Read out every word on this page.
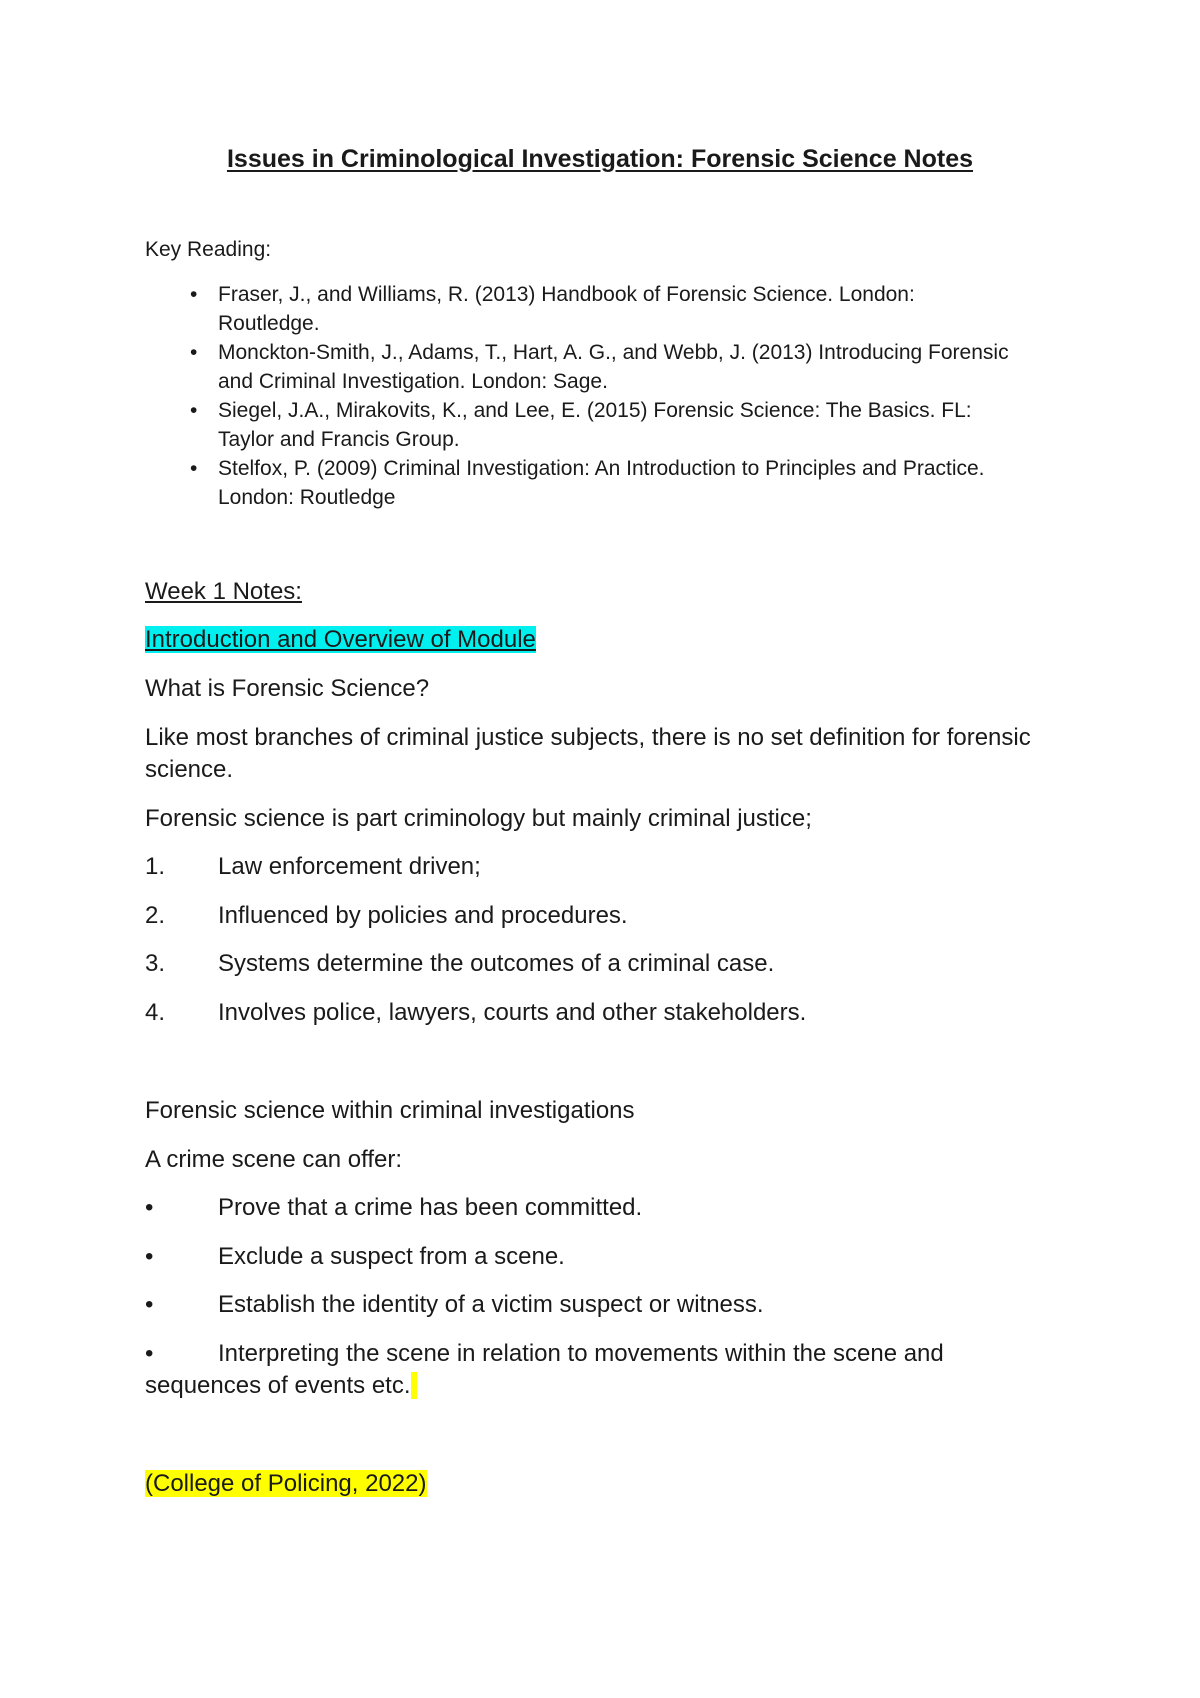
Issues in Criminological Investigation: Forensic Science Notes
Key Reading:
• Fraser, J., and Williams, R. (2013) Handbook of Forensic Science. London:
Routledge.
• Monckton-Smith, J., Adams, T., Hart, A. G., and Webb, J. (2013) Introducing Forensic
and Criminal Investigation. London: Sage.
• Siegel, J.A., Mirakovits, K., and Lee, E. (2015) Forensic Science: The Basics. FL:
Taylor and Francis Group.
• Stelfox, P. (2009) Criminal Investigation: An Introduction to Principles and Practice.
London: Routledge
Week 1 Notes:
Introduction and Overview of Module
What is Forensic Science?
Like most branches of criminal justice subjects, there is no set definition for forensic
science.
Forensic science is part criminology but mainly criminal justice;
1. Law enforcement driven;
2. Influenced by policies and procedures.
3. Systems determine the outcomes of a criminal case.
4. Involves police, lawyers, courts and other stakeholders.
Forensic science within criminal investigations
A crime scene can offer:
•	Prove that a crime has been committed.
•	Exclude a suspect from a scene.
•	Establish the identity of a victim suspect or witness.
•	Interpreting the scene in relation to movements within the scene and
sequences of events etc.
(College of Policing, 2022)
